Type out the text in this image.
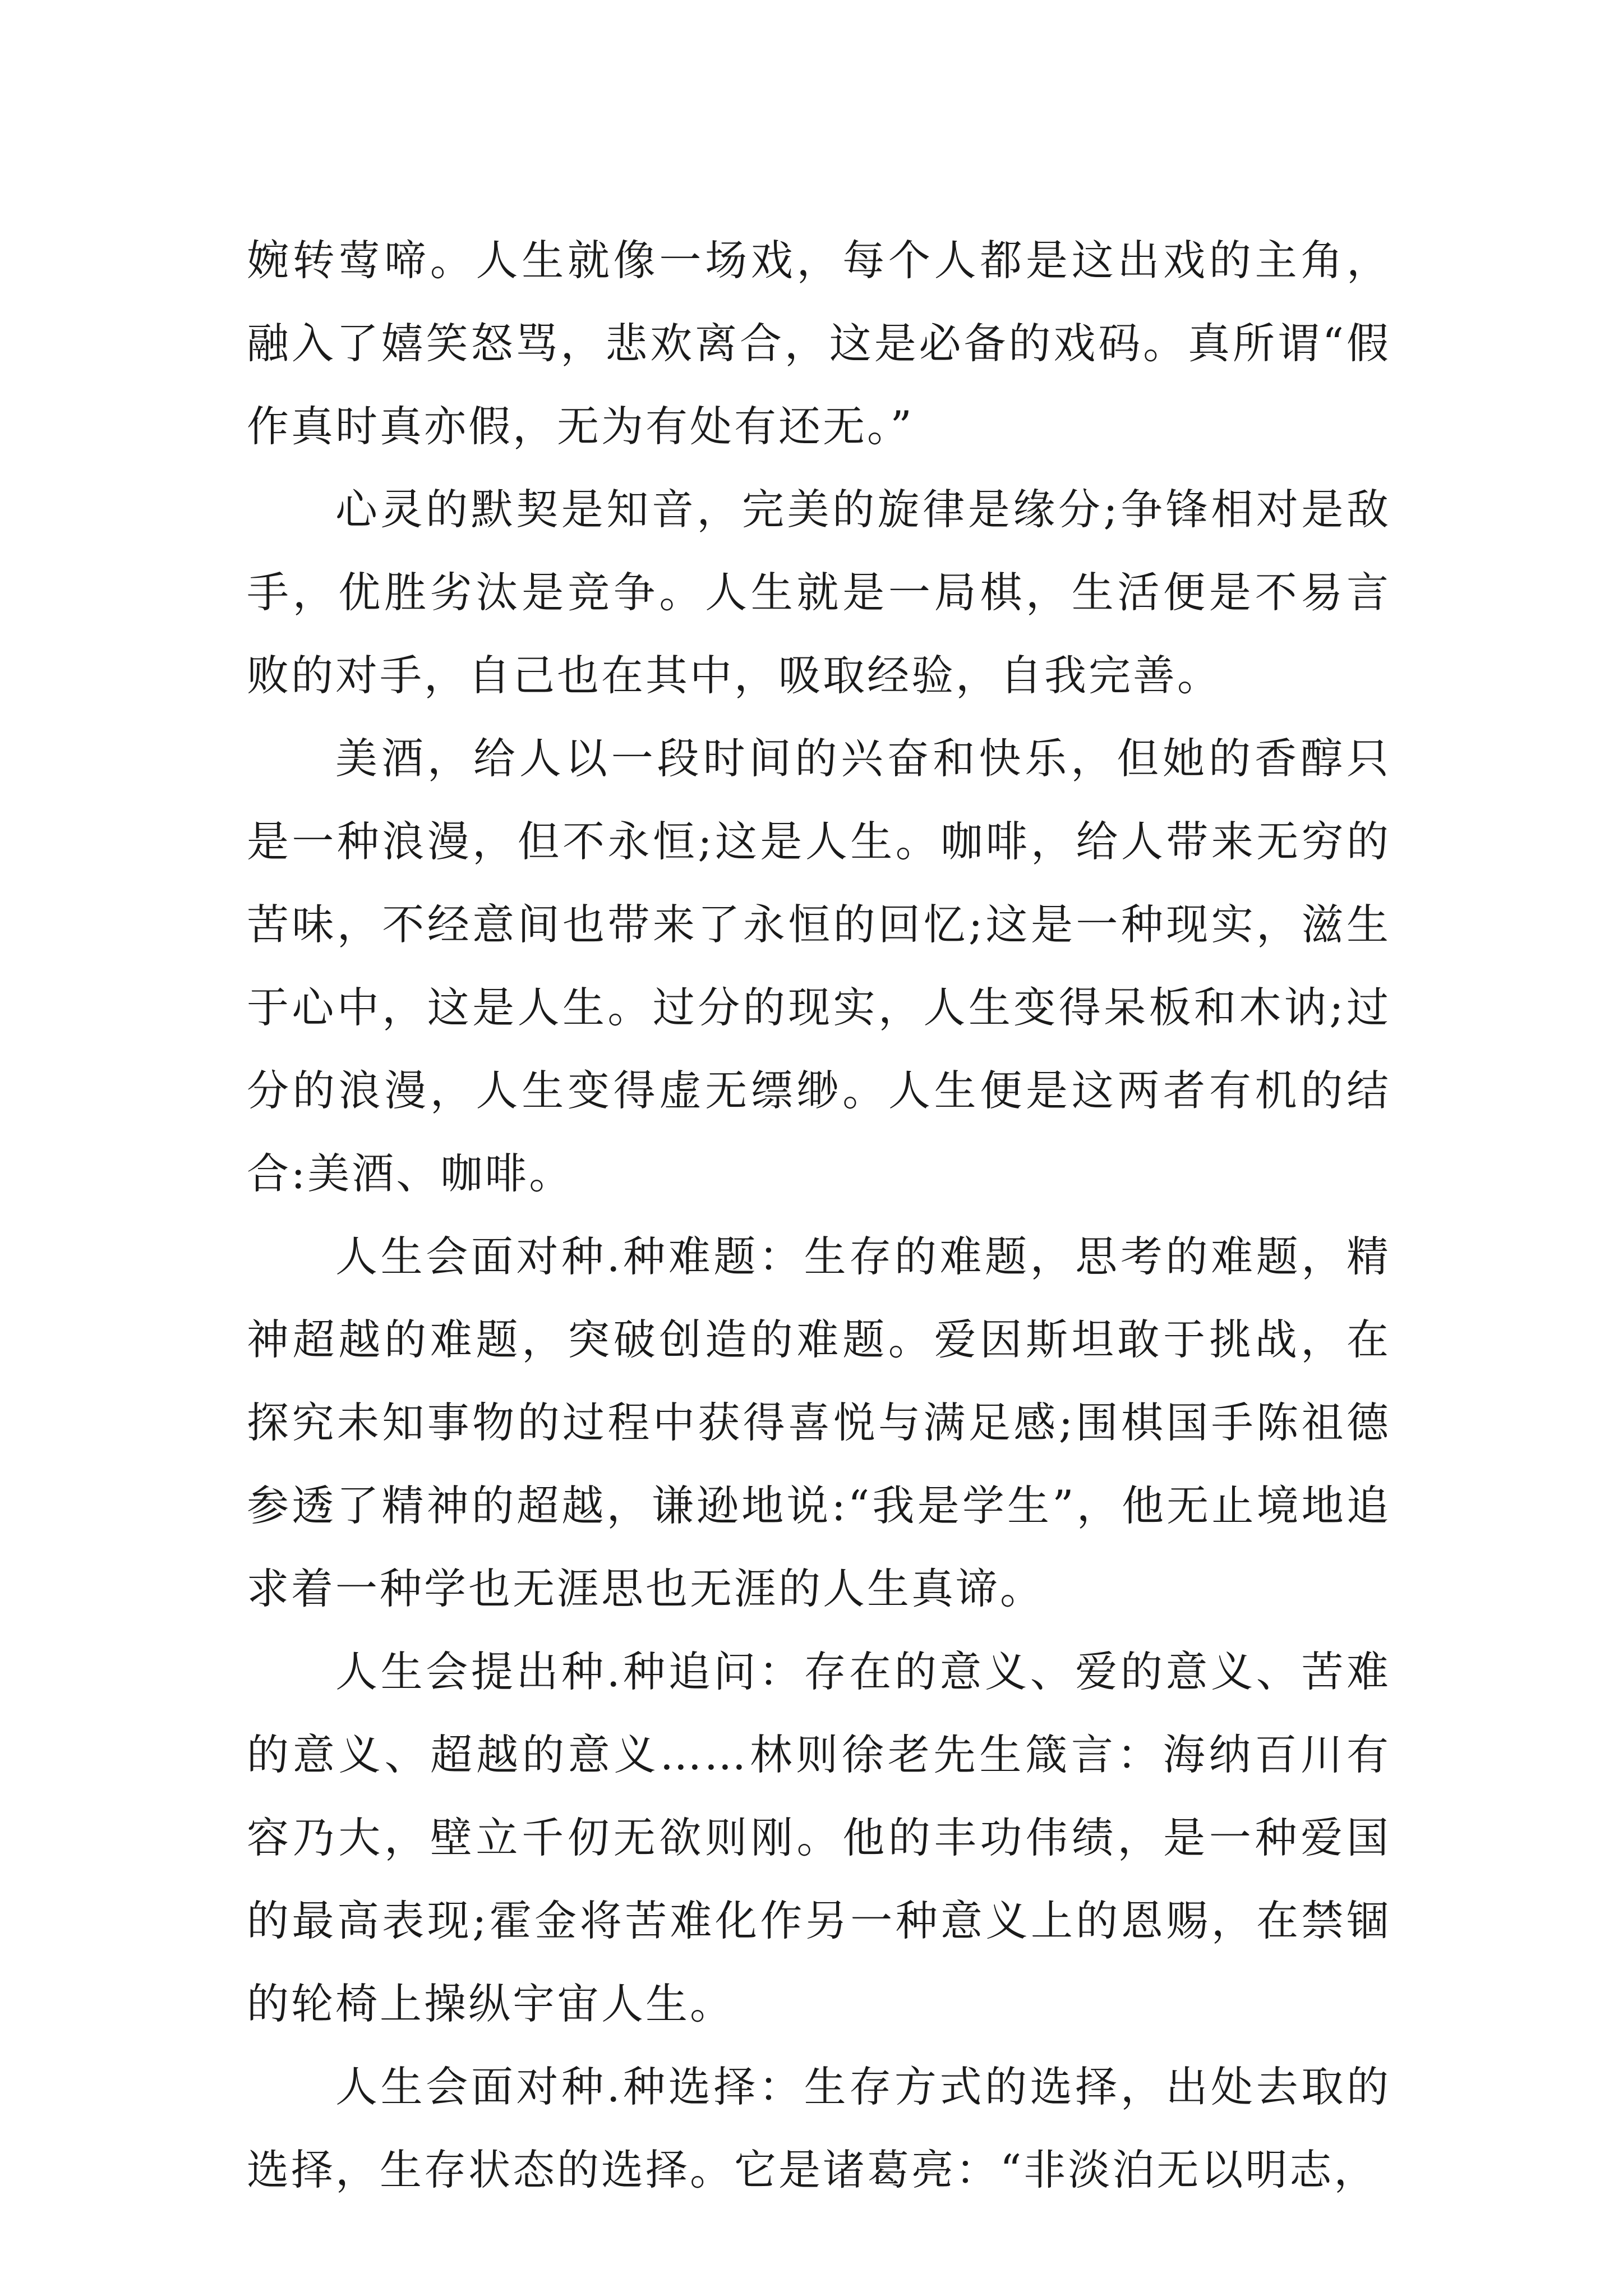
婉转莺啼。人生就像一场戏，每个人都是这出戏的主角，融入了嬉笑怒骂，悲欢离合，这是必备的戏码。真所谓“假作真时真亦假，无为有处有还无。”

心灵的默契是知音，完美的旋律是缘分;争锋相对是敌手，优胜劣汰是竞争。人生就是一局棋，生活便是不易言败的对手，自己也在其中，吸取经验，自我完善。

美酒，给人以一段时间的兴奋和快乐，但她的香醇只是一种浪漫，但不永恒;这是人生。咖啡，给人带来无穷的苦味，不经意间也带来了永恒的回忆;这是一种现实，滋生于心中，这是人生。过分的现实，人生变得呆板和木讷;过分的浪漫，人生变得虚无缥缈。人生便是这两者有机的结合:美酒、咖啡。

人生会面对种.种难题：生存的难题，思考的难题，精神超越的难题，突破创造的难题。爱因斯坦敢于挑战，在探究未知事物的过程中获得喜悦与满足感;围棋国手陈祖德参透了精神的超越，谦逊地说:“我是学生”，他无止境地追求着一种学也无涯思也无涯的人生真谛。

人生会提出种.种追问：存在的意义、爱的意义、苦难的意义、超越的意义……林则徐老先生箴言：海纳百川有容乃大，壁立千仞无欲则刚。他的丰功伟绩，是一种爱国的最高表现;霍金将苦难化作另一种意义上的恩赐，在禁锢的轮椅上操纵宇宙人生。

人生会面对种.种选择：生存方式的选择，出处去取的选择，生存状态的选择。它是诸葛亮：“非淡泊无以明志，
